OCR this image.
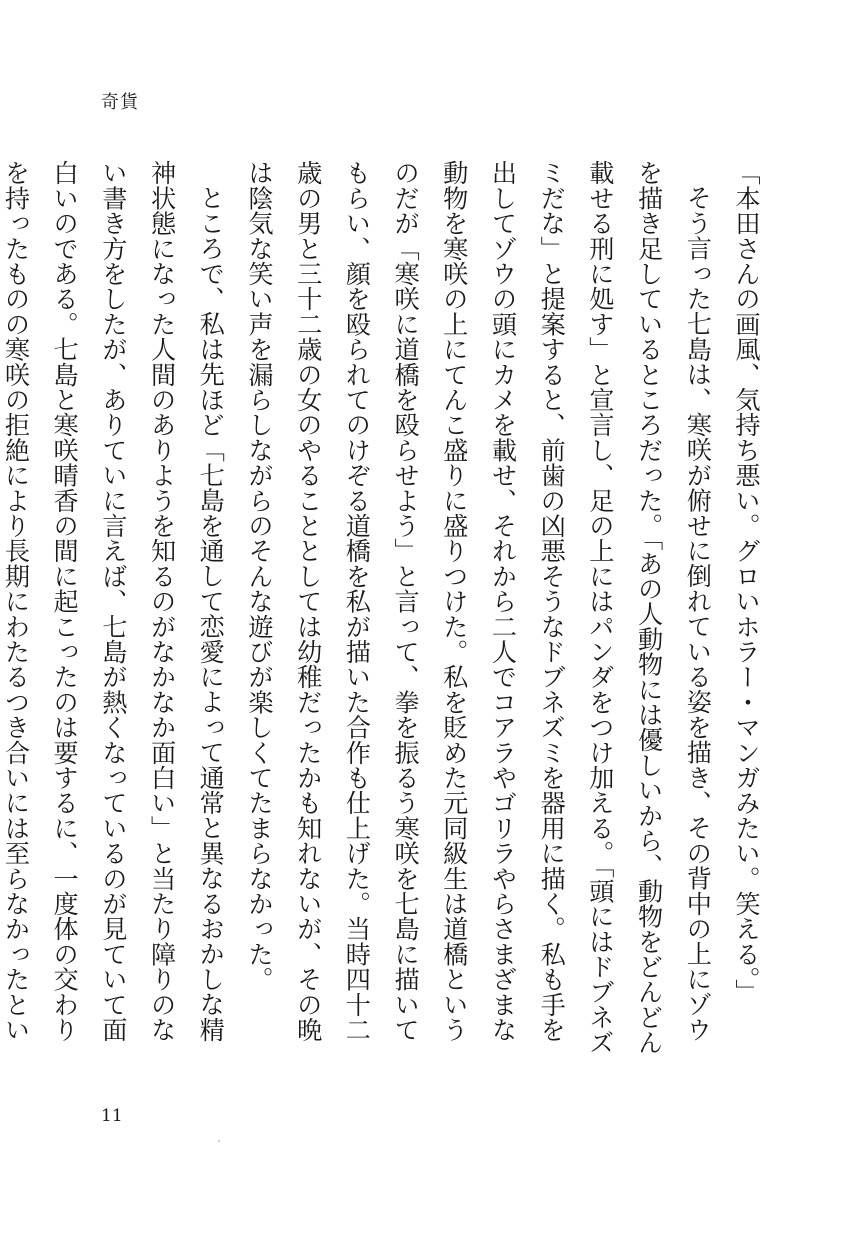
奇貨

「本田さんの画風、気持ち悪い。グロいホラー・マンガみたい。笑える。」

そう言った七島は、寒咲が俯せに倒れている姿を描き、その背中の上にゾウを描き足しているところだった。「あの人動物には優しいから、動物をどんどん載せる刑に処す」と宣言し、足の上にはパンダをつけ加える。「頭にはドブネズミだな」と提案すると、前歯の凶悪そうなドブネズミを器用に描く。私も手を出してゾウの頭にカメを載せ、それから二人でコアラやゴリラやらさまざまな動物を寒咲の上にてんこ盛りに盛りつけた。私を貶めた元同級生は道橋というのだが「寒咲に道橋を殴らせよう」と言って、拳を振るう寒咲を七島に描いてもらい、顔を殴られてのけぞる道橋を私が描いた合作も仕上げた。当時四十二歳の男と三十二歳の女のやることとしては幼稚だったかも知れないが、その晩は陰気な笑い声を漏らしながらのそんな遊びが楽しくてたまらなかった。

ところで、私は先ほど「七島を通して恋愛によって通常と異なるおかしな精神状態になった人間のありようを知るのがなかなか面白い」と当たり障りのない書き方をしたが、ありていに言えば、七島が熱くなっているのが見ていて面白いのである。七島と寒咲晴香の間に起こったのは要するに、一度体の交わりを持ったものの寒咲の拒絶により長期にわたるつき合いには至らなかったとい

11
